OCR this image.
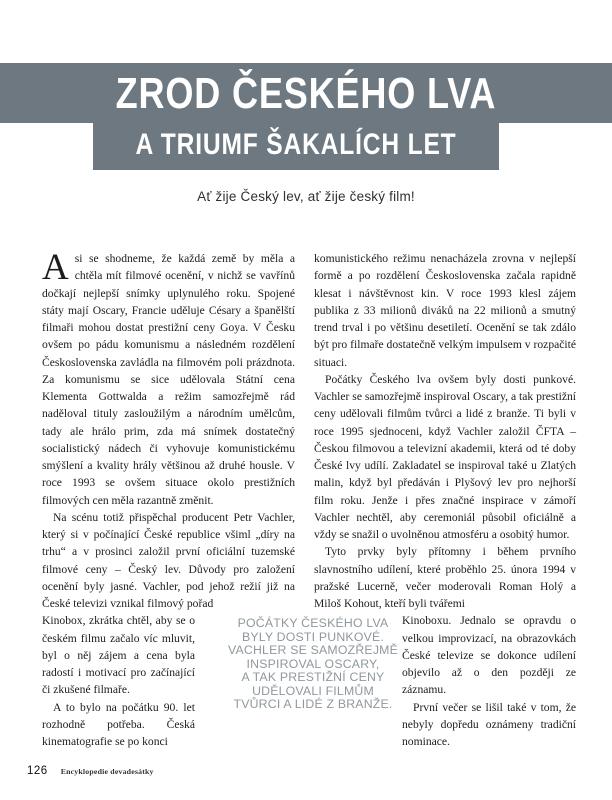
ZROD ČESKÉHO LVA
A TRIUMF ŠAKALÍCH LET
Ať žije Český lev, ať žije český film!

Asi se shodneme, že každá země by měla a chtěla mít filmové ocenění, v nichž se vavřínů dočkají nejlepší snímky uplynulého roku. Spojené státy mají Oscary, Francie uděluje Césary a španělští filmaři mohou dostat prestižní ceny Goya. V Česku ovšem po pádu komunismu a následném rozdělení Československa zavládla na filmovém poli prázdnota. Za komunismu se sice udělovala Státní cena Klementa Gottwalda a režim samozřejmě rád naděloval tituly zasloužilým a národním umělcům, tady ale hrálo prim, zda má snímek dostatečný socialistický nádech či vyhovuje komunistickému smýšlení a kvality hrály většinou až druhé housle. V roce 1993 se ovšem situace okolo prestižních filmových cen měla razantně změnit.

Na scénu totiž přispěchal producent Petr Vachler, který si v počínající České republice všiml „díry na trhu“ a v prosinci založil první oficiální tuzemské filmové ceny – Český lev. Důvody pro založení ocenění byly jasné. Vachler, pod jehož režií již na České televizi vznikal filmový pořad

Kinobox, zkrátka chtěl, aby se o českém filmu začalo víc mluvit, byl o něj zájem a cena byla radostí i motivací pro začínající či zkušené filmaře.

A to bylo na počátku 90. let rozhodně potřeba. Česká kinematografie se po konci

komunistického režimu nenacházela zrovna v nejlepší formě a po rozdělení Československa začala rapidně klesat i návštěvnost kin. V roce 1993 klesl zájem publika z 33 milionů diváků na 22 milionů a smutný trend trval i po většinu desetiletí. Ocenění se tak zdálo být pro filmaře dostatečně velkým impulsem v rozpačité situaci.

Počátky Českého lva ovšem byly dosti punkové. Vachler se samozřejmě inspiroval Oscary, a tak prestižní ceny udělovali filmům tvůrci a lidé z branže. Ti byli v roce 1995 sjednoceni, když Vachler založil ČFTA – Českou filmovou a televizní akademii, která od té doby České lvy udílí. Zakladatel se inspiroval také u Zlatých malin, když byl předáván i Plyšový lev pro nejhorší film roku. Jenže i přes značné inspirace v zámoří Vachler nechtěl, aby ceremoniál působil oficiálně a vždy se snažil o uvolněnou atmosféru a osobitý humor.

Tyto prvky byly přítomny i během prvního slavnostního udílení, které proběhlo 25. února 1994 v pražské Lucerně, večer moderovali Roman Holý a Miloš Kohout, kteří byli tvářemi

Kinoboxu. Jednalo se opravdu o velkou improvizací, na obrazovkách České televize se dokonce udílení objevilo až o den později ze záznamu.

První večer se lišil také v tom, že nebyly dopředu oznámeny tradiční nominace.

POČÁTKY ČESKÉHO LVA
BYLY DOSTI PUNKOVÉ.
VACHLER SE SAMOZŘEJMĚ
INSPIROVAL OSCARY,
A TAK PRESTIŽNÍ CENY
UDĚLOVALI FILMŮM
TVŮRCI A LIDÉ Z BRANŽE.
126 Encyklopedie devadesátky
